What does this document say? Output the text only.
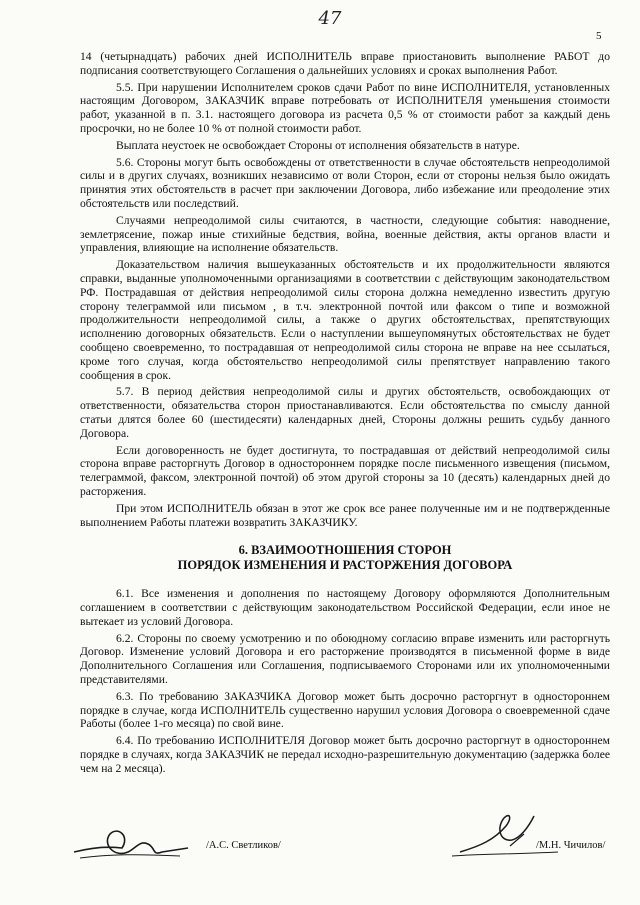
47
5

14 (четырнадцать) рабочих дней ИСПОЛНИТЕЛЬ вправе приостановить выполнение РАБОТ до подписания соответствующего Соглашения о дальнейших условиях и сроках выполнения Работ.

5.5. При нарушении Исполнителем сроков сдачи Работ по вине ИСПОЛНИТЕЛЯ, установленных настоящим Договором, ЗАКАЗЧИК вправе потребовать от ИСПОЛНИТЕЛЯ уменьшения стоимости работ, указанной в п. 3.1. настоящего договора из расчета 0,5 % от стоимости работ за каждый день просрочки, но не более 10 % от полной стоимости работ.

Выплата неустоек не освобождает Стороны от исполнения обязательств в натуре.

5.6. Стороны могут быть освобождены от ответственности в случае обстоятельств непреодолимой силы и в других случаях, возникших независимо от воли Сторон, если от стороны нельзя было ожидать принятия этих обстоятельств в расчет при заключении Договора, либо избежание или преодоление этих обстоятельств или последствий.

Случаями непреодолимой силы считаются, в частности, следующие события: наводнение, землетрясение, пожар иные стихийные бедствия, война, военные действия, акты органов власти и управления, влияющие на исполнение обязательств.

Доказательством наличия вышеуказанных обстоятельств и их продолжительности являются справки, выданные уполномоченными организациями в соответствии с действующим законодательством РФ. Пострадавшая от действия непреодолимой силы сторона должна немедленно известить другую сторону телеграммой или письмом , в т.ч. электронной почтой или факсом о типе и возможной продолжительности непреодолимой силы, а также о других обстоятельствах, препятствующих исполнению договорных обязательств. Если о наступлении вышеупомянутых обстоятельствах не будет сообщено своевременно, то пострадавшая от непреодолимой силы сторона не вправе на нее ссылаться, кроме того случая, когда обстоятельство непреодолимой силы препятствует направлению такого сообщения в срок.

5.7. В период действия непреодолимой силы и других обстоятельств, освобождающих от ответственности, обязательства сторон приостанавливаются. Если обстоятельства по смыслу данной статьи длятся более 60 (шестидесяти) календарных дней, Стороны должны решить судьбу данного Договора.

Если договоренность не будет достигнута, то пострадавшая от действий непреодолимой силы сторона вправе расторгнуть Договор в одностороннем порядке после письменного извещения (письмом, телеграммой, факсом, электронной почтой) об этом другой стороны за 10 (десять) календарных дней до расторжения.

При этом ИСПОЛНИТЕЛЬ обязан в этот же срок все ранее полученные им и не подтвержденные выполнением Работы платежи возвратить ЗАКАЗЧИКУ.

6. ВЗАИМООТНОШЕНИЯ СТОРОН
ПОРЯДОК ИЗМЕНЕНИЯ И РАСТОРЖЕНИЯ ДОГОВОРА

6.1. Все изменения и дополнения по настоящему Договору оформляются Дополнительным соглашением в соответствии с действующим законодательством Российской Федерации, если иное не вытекает из условий Договора.

6.2. Стороны по своему усмотрению и по обоюдному согласию вправе изменить или расторгнуть Договор. Изменение условий Договора и его расторжение производятся в письменной форме в виде Дополнительного Соглашения или Соглашения, подписываемого Сторонами или их уполномоченными представителями.

6.3. По требованию ЗАКАЗЧИКА Договор может быть досрочно расторгнут в одностороннем порядке в случае, когда ИСПОЛНИТЕЛЬ существенно нарушил условия Договора о своевременной сдаче Работы (более 1-го месяца) по свой вине.

6.4. По требованию ИСПОЛНИТЕЛЯ Договор может быть досрочно расторгнут в одностороннем порядке в случаях, когда ЗАКАЗЧИК не передал исходно-разрешительную документацию (задержка более чем на 2 месяца).

/А.С. Светликов/	/М.Н. Чичилов/
